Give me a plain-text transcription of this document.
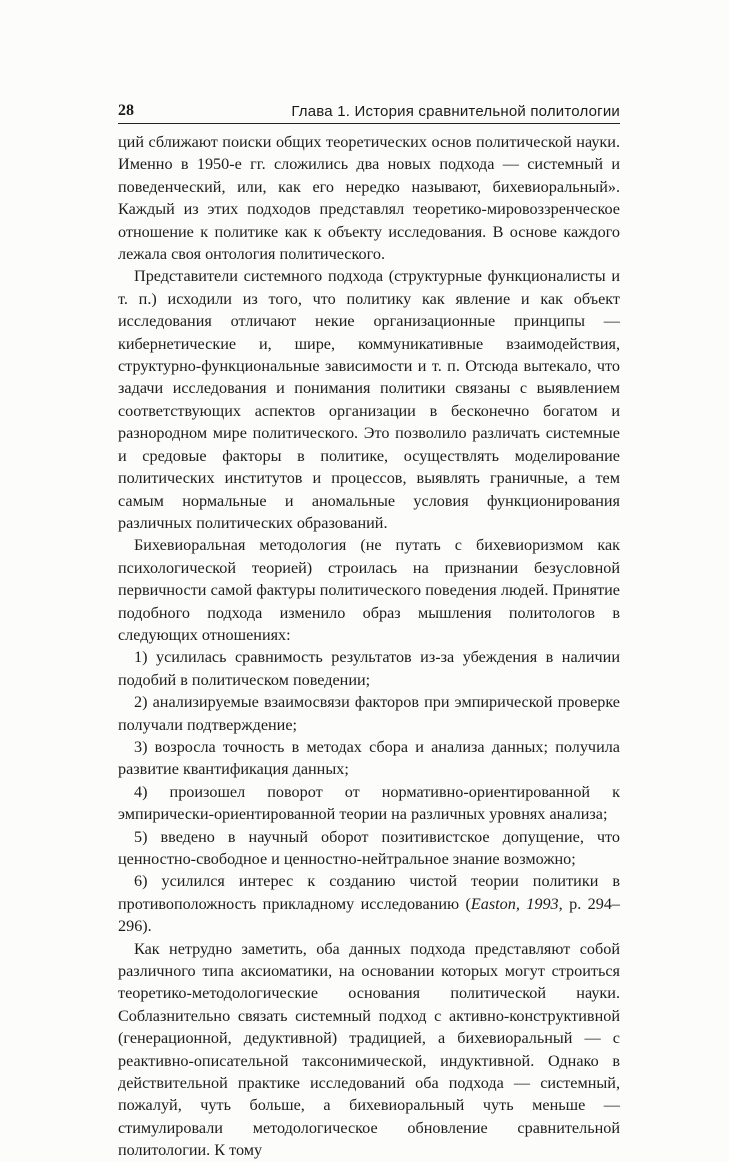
28	Глава 1. История сравнительной политологии

ций сближают поиски общих теоретических основ политической науки. Именно в 1950-е гг. сложились два новых подхода — системный и поведенческий, или, как его нередко называют, бихевиоральный». Каждый из этих подходов представлял теоретико-мировоззренческое отношение к политике как к объекту исследования. В основе каждого лежала своя онтология политического.

Представители системного подхода (структурные функционалисты и т. п.) исходили из того, что политику как явление и как объект исследования отличают некие организационные принципы — кибернетические и, шире, коммуникативные взаимодействия, структурно-функциональные зависимости и т. п. Отсюда вытекало, что задачи исследования и понимания политики связаны с выявлением соответствующих аспектов организации в бесконечно богатом и разнородном мире политического. Это позволило различать системные и средовые факторы в политике, осуществлять моделирование политических институтов и процессов, выявлять граничные, а тем самым нормальные и аномальные условия функционирования различных политических образований.

Бихевиоральная методология (не путать с бихевиоризмом как психологической теорией) строилась на признании безусловной первичности самой фактуры политического поведения людей. Принятие подобного подхода изменило образ мышления политологов в следующих отношениях:

1) усилилась сравнимость результатов из-за убеждения в наличии подобий в политическом поведении;

2) анализируемые взаимосвязи факторов при эмпирической проверке получали подтверждение;

3) возросла точность в методах сбора и анализа данных; получила развитие квантификация данных;

4) произошел поворот от нормативно-ориентированной к эмпирически-ориентированной теории на различных уровнях анализа;

5) введено в научный оборот позитивистское допущение, что ценностно-свободное и ценностно-нейтральное знание возможно;

6) усилился интерес к созданию чистой теории политики в противоположность прикладному исследованию (Easton, 1993, p. 294–296).

Как нетрудно заметить, оба данных подхода представляют собой различного типа аксиоматики, на основании которых могут строиться теоретико-методологические основания политической науки. Соблазнительно связать системный подход с активно-конструктивной (генерационной, дедуктивной) традицией, а бихевиоральный — с реактивно-описательной таксонимической, индуктивной. Однако в действительной практике исследований оба подхода — системный, пожалуй, чуть больше, а бихевиоральный чуть меньше — стимулировали методологическое обновление сравнительной политологии. К тому
